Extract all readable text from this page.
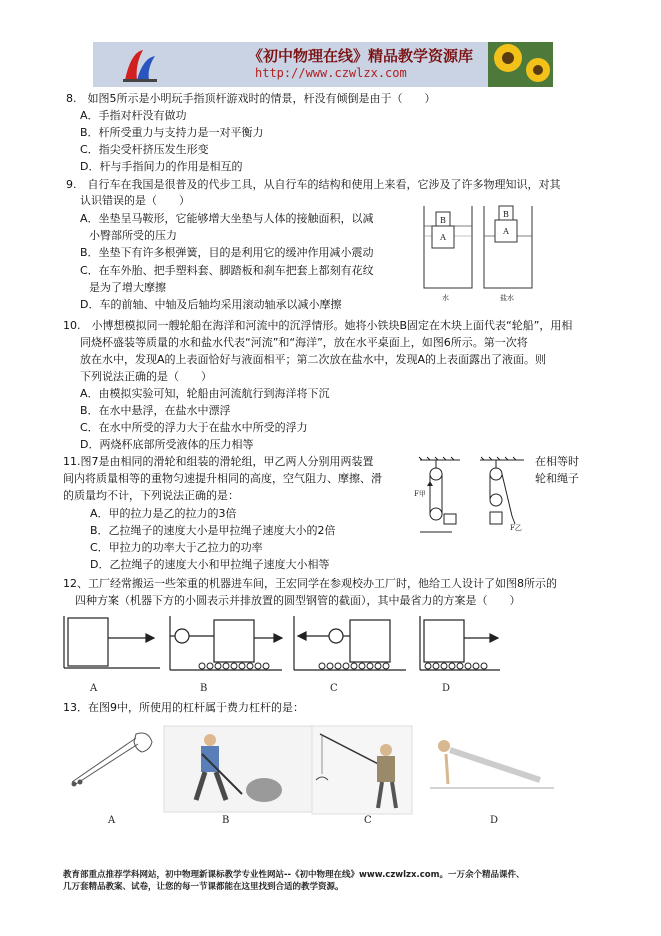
《初中物理在线》精品教学资源库
http://www.czwlzx.com
8.　如图5所示是小明玩手指顶杆游戏时的情景，杆没有倾倒是由于（　　）
A．手指对杆没有做功
B．杆所受重力与支持力是一对平衡力
C．指尖受杆挤压发生形变
D．杆与手指间力的作用是相互的
9.　自行车在我国是很普及的代步工具，从自行车的结构和使用上来看，它涉及了许多物理知识，对其
认识错误的是（　　）
A．坐垫呈马鞍形，它能够增大坐垫与人体的接触面积，以减
小臀部所受的压力
B．坐垫下有许多根弹簧，目的是利用它的缓冲作用减小震动
C．在车外胎、把手塑料套、脚踏板和刹车把套上都刻有花纹
是为了增大摩擦
D．车的前轴、中轴及后轴均采用滚动轴承以减小摩擦
B
A
B
A
水	盐水
10.　小博想模拟同一艘轮船在海洋和河流中的沉浮情形。她将小铁块B固定在木块上面代表“轮船”，用相
同烧杯盛装等质量的水和盐水代表“河流”和“海洋”，放在水平桌面上，如图6所示。第一次将
放在水中，发现A的上表面恰好与液面相平；第二次放在盐水中，发现A的上表面露出了液面。则
下列说法正确的是（　　）
A．由模拟实验可知，轮船由河流航行到海洋将下沉
B．在水中悬浮，在盐水中漂浮
C．在水中所受的浮力大于在盐水中所受的浮力
D．两烧杯底部所受液体的压力相等
11.图7是由相同的滑轮和组装的滑轮组，甲乙两人分别用两装置	在相等时
间内将质量相等的重物匀速提升相同的高度，空气阻力、摩擦、滑	轮和绳子
的质量均不计，下列说法正确的是：
A．甲的拉力是乙的拉力的3倍
B．乙拉绳子的速度大小是甲拉绳子速度大小的2倍
C．甲拉力的功率大于乙拉力的功率
D．乙拉绳子的速度大小和甲拉绳子速度大小相等
F甲
F乙
12、工厂经常搬运一些笨重的机器进车间，王宏同学在参观校办工厂时，他给工人设计了如图8所示的
四种方案（机器下方的小圆表示并排放置的圆型钢管的截面），其中最省力的方案是（　　）
A	B	C	D
13．在图9中，所使用的杠杆属于费力杠杆的是：
A	B	C	D
教育部重点推荐学科网站，初中物理新课标教学专业性网站--《初中物理在线》www.czwlzx.com。一万余个精品课件、
几万套精品教案、试卷，让您的每一节课都能在这里找到合适的教学资源。
